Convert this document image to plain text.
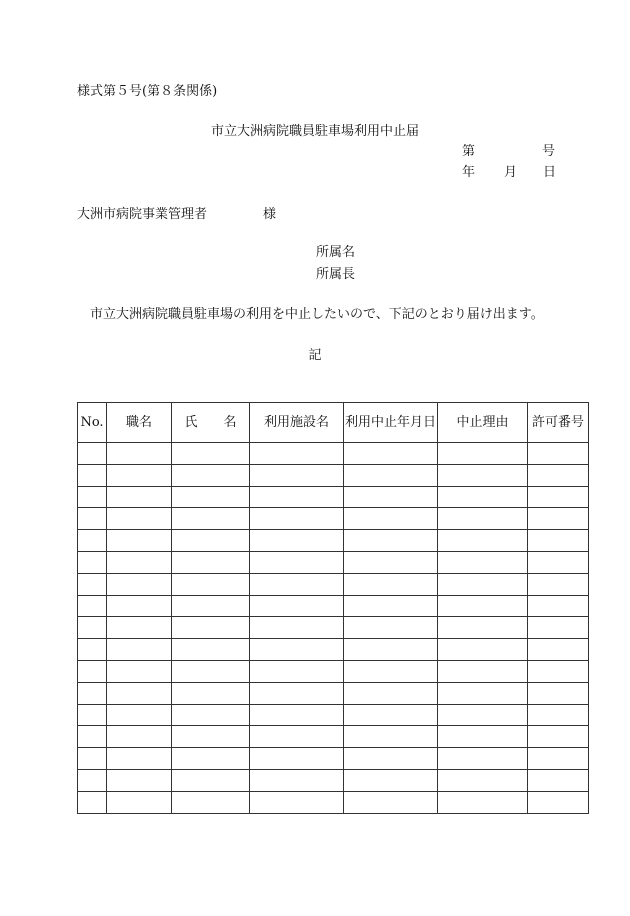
様式第５号(第８条関係)
市立大洲病院職員駐車場利用中止届
第	号
年 月 日
大洲市病院事業管理者	様
所属名
所属長
市立大洲病院職員駐車場の利用を中止したいので、下記のとおり届け出ます。
記
No.	職名	氏　　名	利用施設名	利用中止年月日	中止理由	許可番号
